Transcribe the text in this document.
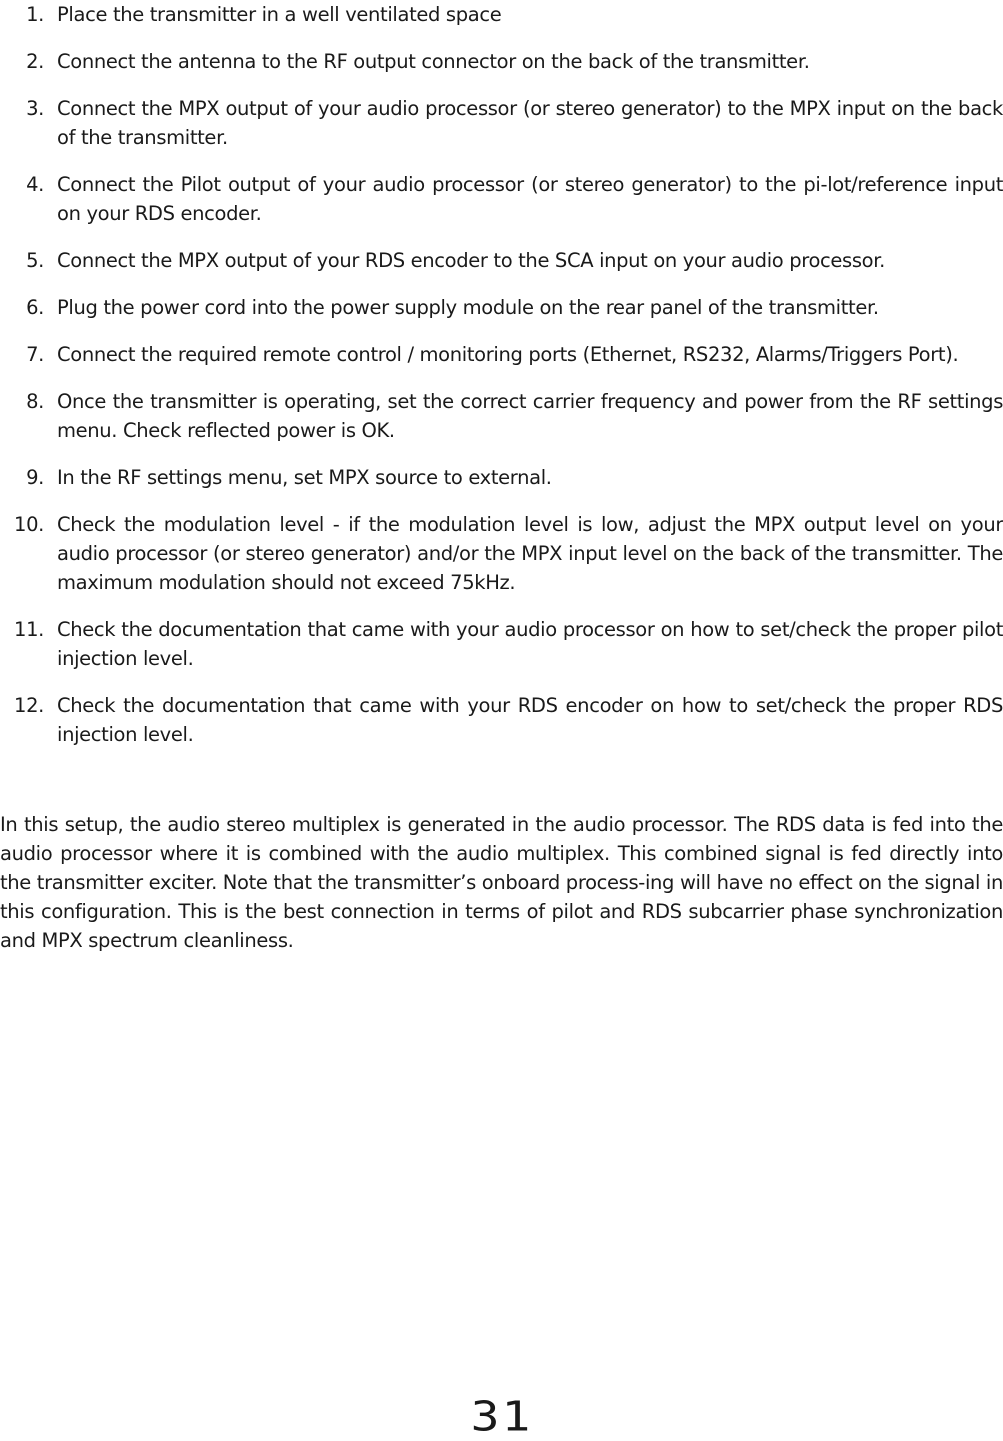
1. Place the transmitter in a well ventilated space
2. Connect the antenna to the RF output connector on the back of the transmitter.
3. Connect the MPX output of your audio processor (or stereo generator) to the MPX input on the back of the transmitter.
4. Connect the Pilot output of your audio processor (or stereo generator) to the pi-lot/reference input on your RDS encoder.
5. Connect the MPX output of your RDS encoder to the SCA input on your audio processor.
6. Plug the power cord into the power supply module on the rear panel of the transmitter.
7. Connect the required remote control / monitoring ports (Ethernet, RS232, Alarms/Triggers Port).
8. Once the transmitter is operating, set the correct carrier frequency and power from the RF settings menu. Check reflected power is OK.
9. In the RF settings menu, set MPX source to external.
10. Check the modulation level - if the modulation level is low, adjust the MPX output level on your audio processor (or stereo generator) and/or the MPX input level on the back of the transmitter. The maximum modulation should not exceed 75kHz.
11. Check the documentation that came with your audio processor on how to set/check the proper pilot injection level.
12. Check the documentation that came with your RDS encoder on how to set/check the proper RDS injection level.

In this setup, the audio stereo multiplex is generated in the audio processor. The RDS data is fed into the audio processor where it is combined with the audio multiplex. This combined signal is fed directly into the transmitter exciter. Note that the transmitter’s onboard process-ing will have no effect on the signal in this configuration. This is the best connection in terms of pilot and RDS subcarrier phase synchronization and MPX spectrum cleanliness.

31
